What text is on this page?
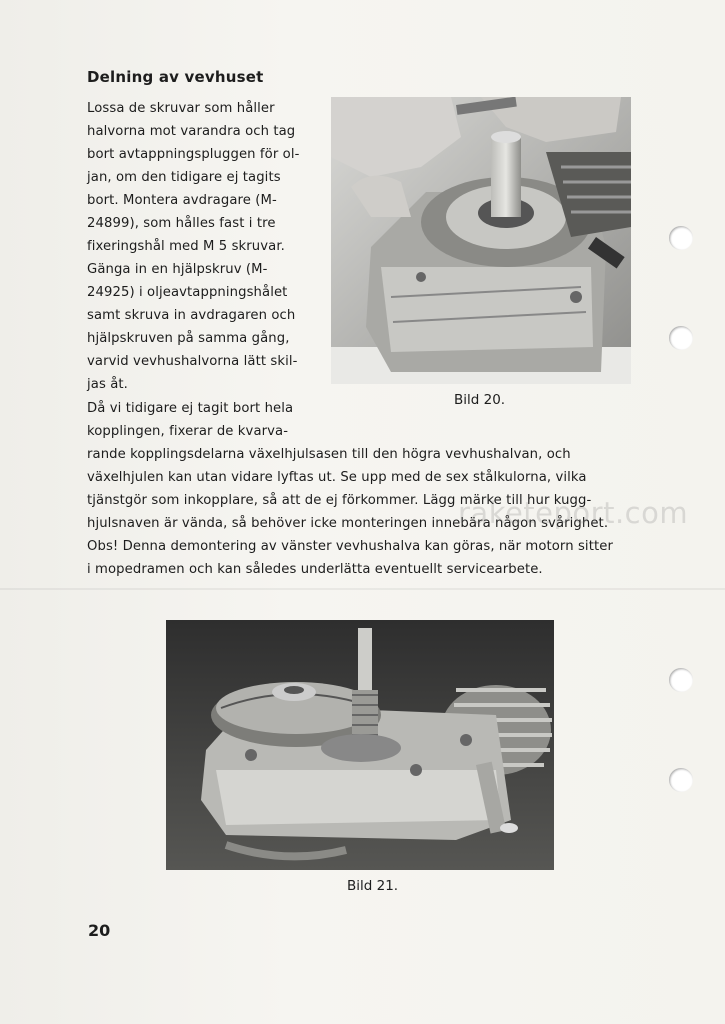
Delning av vevhuset
Lossa de skruvar som håller
halvorna mot varandra och tag
bort avtappningspluggen för ol-
jan, om den tidigare ej tagits
bort. Montera avdragare (M-
24899), som hålles fast i tre
fixeringshål med M 5 skruvar.
Gänga in en hjälpskruv (M-
24925) i oljeavtappningshålet
samt skruva in avdragaren och
hjälpskruven på samma gång,
varvid vevhushalvorna lätt skil-
jas åt.
Då vi tidigare ej tagit bort hela
kopplingen, fixerar de kvarva-
rande kopplingsdelarna växelhjulsa⁠sen till den högra vevhushalvan, och
växelhjulen kan utan vidare lyftas ut. Se upp med de sex stålkulorna, vilka
tjänstgör som inkopplare, så att de ej förkommer. Lägg märke till hur kugg-
hjulsnaven är vända, så behöver icke monteringen innebära någon svårighet.
Obs! Denna demontering av vänster vevhushalva kan göras, när motorn sitter
i mopedramen och kan således underlätta eventuellt servicearbete.
raketeport.com
Bild 20.
Bild 21.
20
